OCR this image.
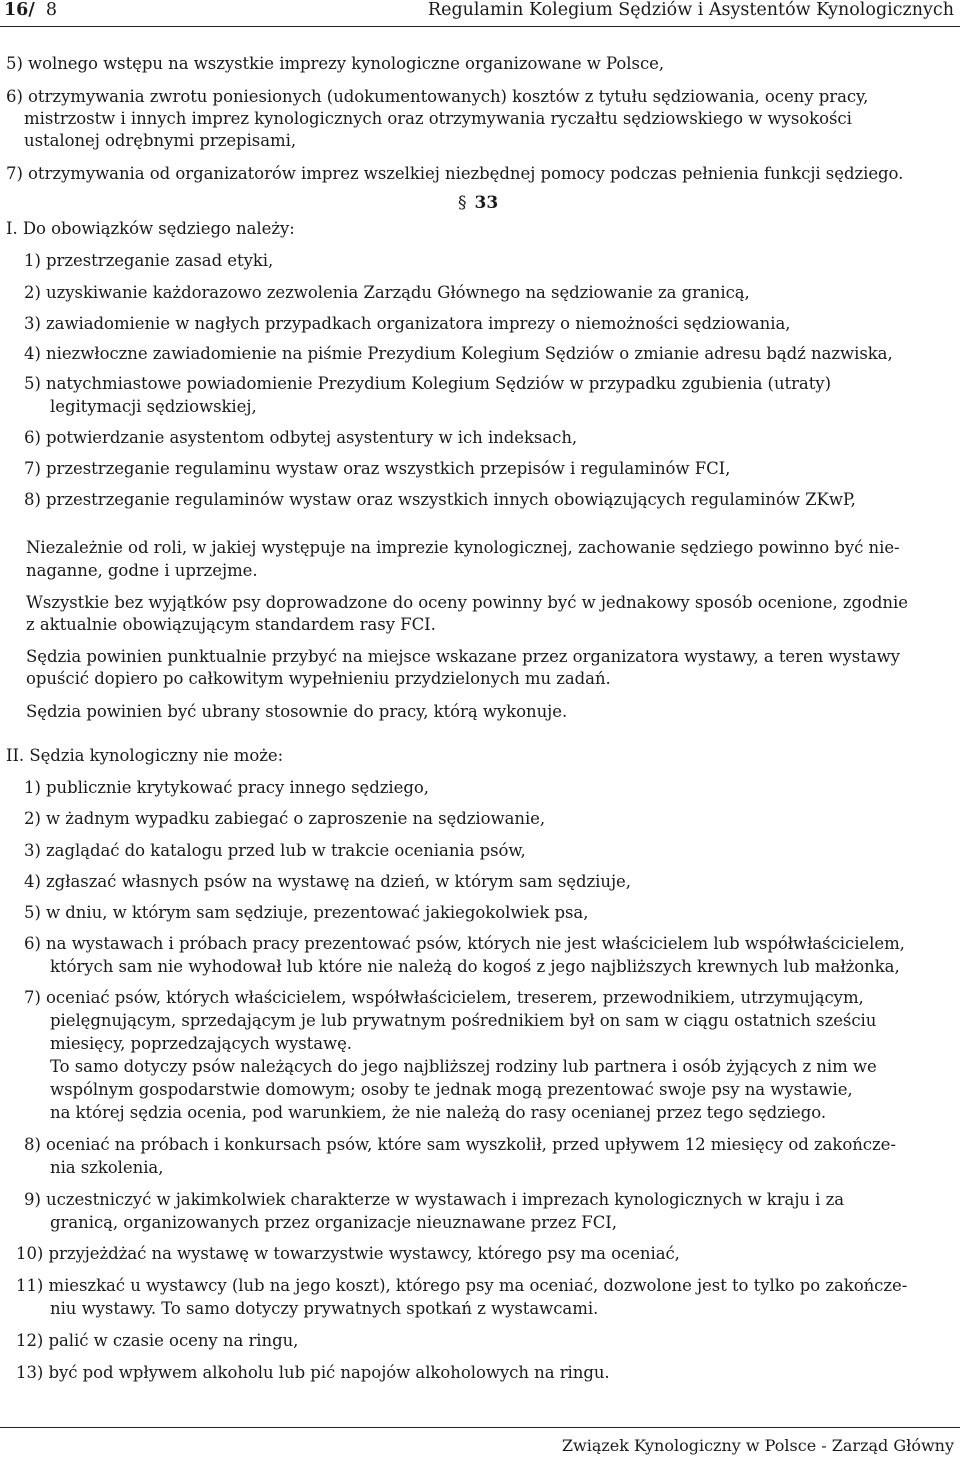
16/ 8	Regulamin Kolegium Sędziów i Asystentów Kynologicznych

5) wolnego wstępu na wszystkie imprezy kynologiczne organizowane w Polsce,

6) otrzymywania zwrotu poniesionych (udokumentowanych) kosztów z tytułu sędziowania, oceny pracy,

mistrzostw i innych imprez kynologicznych oraz otrzymywania ryczałtu sędziowskiego w wysokości

ustalonej odrębnymi przepisami,

7) otrzymywania od organizatorów imprez wszelkiej niezbędnej pomocy podczas pełnienia funkcji sędziego.

§ 33

I. Do obowiązków sędziego należy:

1) przestrzeganie zasad etyki,

2) uzyskiwanie każdorazowo zezwolenia Zarządu Głównego na sędziowanie za granicą,

3) zawiadomienie w nagłych przypadkach organizatora imprezy o niemożności sędziowania,

4) niezwłoczne zawiadomienie na piśmie Prezydium Kolegium Sędziów o zmianie adresu bądź nazwiska,

5) natychmiastowe powiadomienie Prezydium Kolegium Sędziów w przypadku zgubienia (utraty)

legitymacji sędziowskiej,

6) potwierdzanie asystentom odbytej asystentury w ich indeksach,

7) przestrzeganie regulaminu wystaw oraz wszystkich przepisów i regulaminów FCI,

8) przestrzeganie regulaminów wystaw oraz wszystkich innych obowiązujących regulaminów ZKwP,

Niezależnie od roli, w jakiej występuje na imprezie kynologicznej, zachowanie sędziego powinno być nie-

naganne, godne i uprzejme.

Wszystkie bez wyjątków psy doprowadzone do oceny powinny być w jednakowy sposób ocenione, zgodnie

z aktualnie obowiązującym standardem rasy FCI.

Sędzia powinien punktualnie przybyć na miejsce wskazane przez organizatora wystawy, a teren wystawy

opuścić dopiero po całkowitym wypełnieniu przydzielonych mu zadań.

Sędzia powinien być ubrany stosownie do pracy, którą wykonuje.

II. Sędzia kynologiczny nie może:

1) publicznie krytykować pracy innego sędziego,

2) w żadnym wypadku zabiegać o zaproszenie na sędziowanie,

3) zaglądać do katalogu przed lub w trakcie oceniania psów,

4) zgłaszać własnych psów na wystawę na dzień, w którym sam sędziuje,

5) w dniu, w którym sam sędziuje, prezentować jakiegokolwiek psa,

6) na wystawach i próbach pracy prezentować psów, których nie jest właścicielem lub współwłaścicielem,

których sam nie wyhodował lub które nie należą do kogoś z jego najbliższych krewnych lub małżonka,

7) oceniać psów, których właścicielem, współwłaścicielem, treserem, przewodnikiem, utrzymującym,

pielęgnującym, sprzedającym je lub prywatnym pośrednikiem był on sam w ciągu ostatnich sześciu

miesięcy, poprzedzających wystawę.

To samo dotyczy psów należących do jego najbliższej rodziny lub partnera i osób żyjących z nim we

wspólnym gospodarstwie domowym; osoby te jednak mogą prezentować swoje psy na wystawie,

na której sędzia ocenia, pod warunkiem, że nie należą do rasy ocenianej przez tego sędziego.

8) oceniać na próbach i konkursach psów, które sam wyszkolił, przed upływem 12 miesięcy od zakończe-

nia szkolenia,

9) uczestniczyć w jakimkolwiek charakterze w wystawach i imprezach kynologicznych w kraju i za

granicą, organizowanych przez organizacje nieuznawane przez FCI,

10) przyjeżdżać na wystawę w towarzystwie wystawcy, którego psy ma oceniać,

11) mieszkać u wystawcy (lub na jego koszt), którego psy ma oceniać, dozwolone jest to tylko po zakończe-

niu wystawy. To samo dotyczy prywatnych spotkań z wystawcami.

12) palić w czasie oceny na ringu,

13) być pod wpływem alkoholu lub pić napojów alkoholowych na ringu.

Związek Kynologiczny w Polsce - Zarząd Główny
